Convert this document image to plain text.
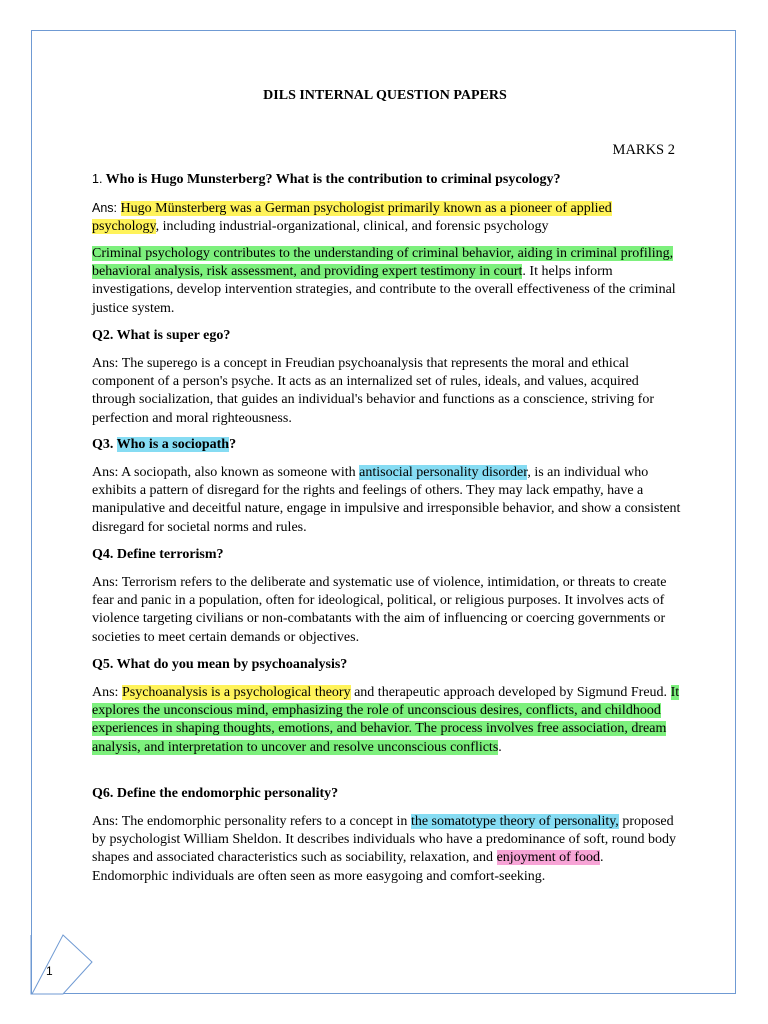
DILS INTERNAL QUESTION PAPERS
MARKS 2
1. Who is Hugo Munsterberg? What is the contribution to criminal psycology?
Ans: Hugo Münsterberg was a German psychologist primarily known as a pioneer of applied psychology, including industrial-organizational, clinical, and forensic psychology
Criminal psychology contributes to the understanding of criminal behavior, aiding in criminal profiling, behavioral analysis, risk assessment, and providing expert testimony in court. It helps inform investigations, develop intervention strategies, and contribute to the overall effectiveness of the criminal justice system.
Q2. What is super ego?
Ans: The superego is a concept in Freudian psychoanalysis that represents the moral and ethical component of a person's psyche. It acts as an internalized set of rules, ideals, and values, acquired through socialization, that guides an individual's behavior and functions as a conscience, striving for perfection and moral righteousness.
Q3. Who is a sociopath?
Ans: A sociopath, also known as someone with antisocial personality disorder, is an individual who exhibits a pattern of disregard for the rights and feelings of others. They may lack empathy, have a manipulative and deceitful nature, engage in impulsive and irresponsible behavior, and show a consistent disregard for societal norms and rules.
Q4. Define terrorism?
Ans: Terrorism refers to the deliberate and systematic use of violence, intimidation, or threats to create fear and panic in a population, often for ideological, political, or religious purposes. It involves acts of violence targeting civilians or non-combatants with the aim of influencing or coercing governments or societies to meet certain demands or objectives.
Q5. What do you mean by psychoanalysis?
Ans: Psychoanalysis is a psychological theory and therapeutic approach developed by Sigmund Freud. It explores the unconscious mind, emphasizing the role of unconscious desires, conflicts, and childhood experiences in shaping thoughts, emotions, and behavior. The process involves free association, dream analysis, and interpretation to uncover and resolve unconscious conflicts.
Q6. Define the endomorphic personality?
Ans: The endomorphic personality refers to a concept in the somatotype theory of personality, proposed by psychologist William Sheldon. It describes individuals who have a predominance of soft, round body shapes and associated characteristics such as sociability, relaxation, and enjoyment of food. Endomorphic individuals are often seen as more easygoing and comfort-seeking.
1
